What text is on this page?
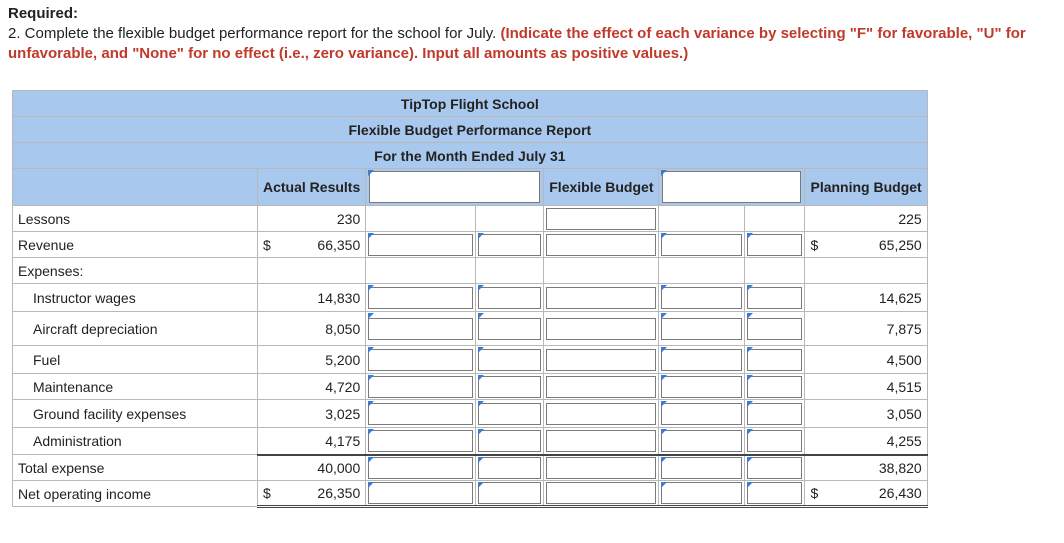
Required:
2. Complete the flexible budget performance report for the school for July. (Indicate the effect of each variance by selecting "F" for favorable, "U" for unfavorable, and "None" for no effect (i.e., zero variance). Input all amounts as positive values.)
TipTop Flight School							
Flexible Budget Performance Report							
For the Month Ended July 31							
	Actual Results			Flexible Budget			Planning Budget
Lessons	230						225
Revenue	$ 66,350						$ 65,250

Expenses:							
Instructor wages	14,830						14,625
Aircraft depreciation	8,050						7,875
Fuel	5,200						4,500
Maintenance	4,720						4,515
Ground facility expenses	3,025						3,050
Administration	4,175						4,255
Total expense	40,000						38,820
Net operating income	$ 26,350						$ 26,430
